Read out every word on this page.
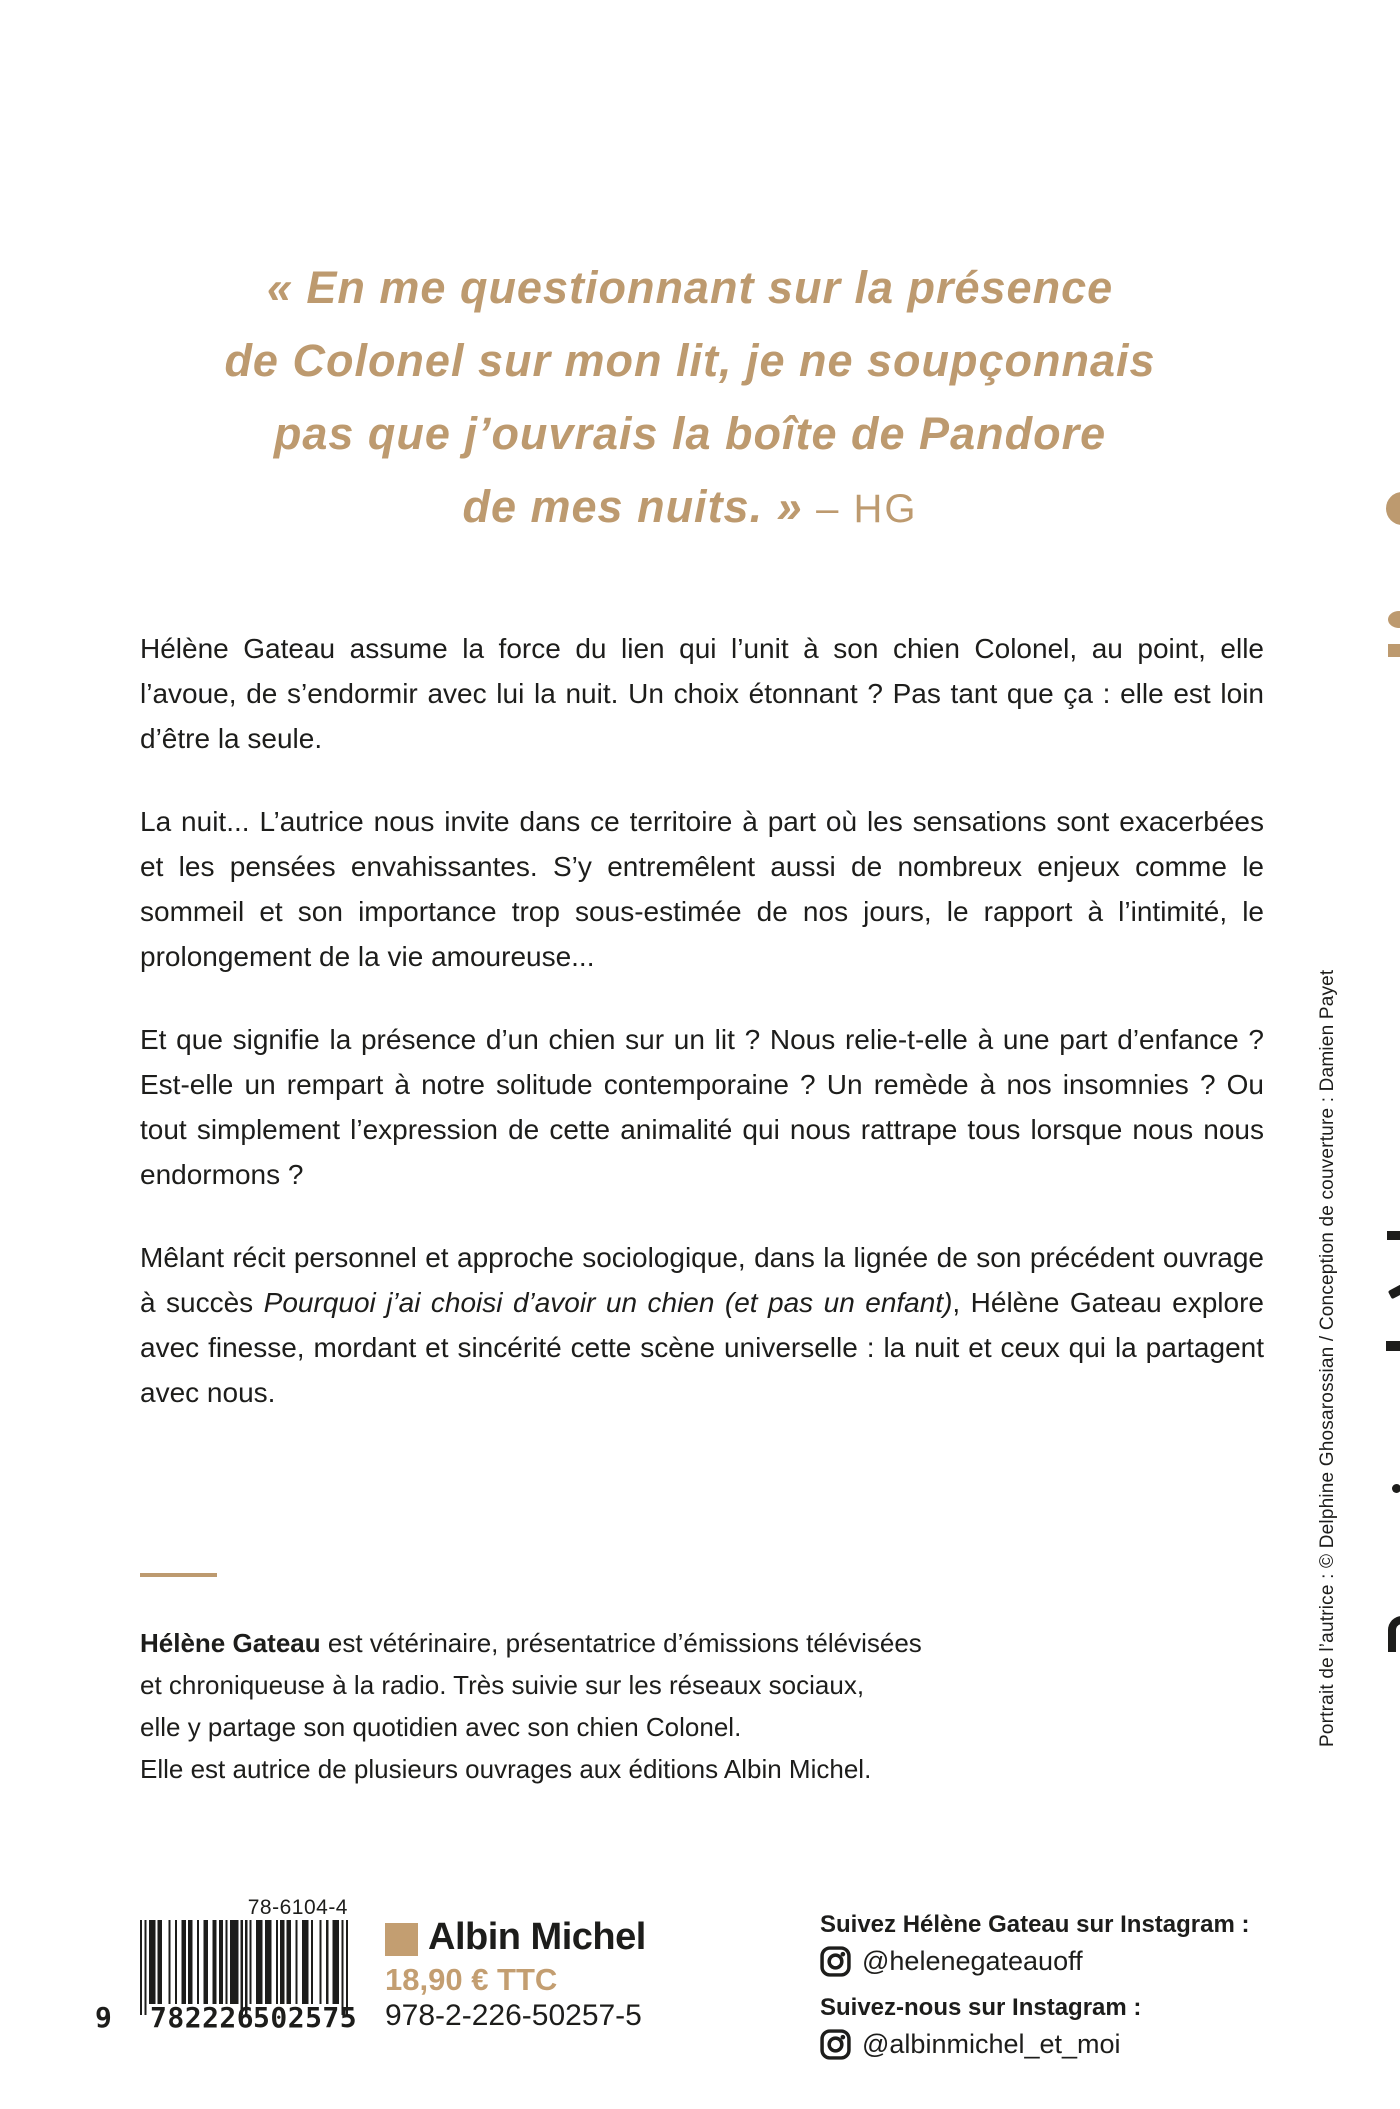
« En me questionnant sur la présence
de Colonel sur mon lit, je ne soupçonnais
pas que j’ouvrais la boîte de Pandore
de mes nuits. » – HG

Hélène Gateau assume la force du lien qui l’unit à son chien Colonel, au point, elle l’avoue, de s’endormir avec lui la nuit. Un choix étonnant ? Pas tant que ça : elle est loin d’être la seule.

La nuit... L’autrice nous invite dans ce territoire à part où les sensations sont exacerbées et les pensées envahissantes. S’y entremêlent aussi de nombreux enjeux comme le sommeil et son importance trop sous-estimée de nos jours, le rapport à l’intimité, le prolongement de la vie amoureuse...

Et que signifie la présence d’un chien sur un lit ? Nous relie-t-elle à une part d’enfance ? Est-elle un rempart à notre solitude contemporaine ? Un remède à nos insomnies ? Ou tout simplement l’expression de cette animalité qui nous rattrape tous lorsque nous nous endormons ?

Mêlant récit personnel et approche sociologique, dans la lignée de son précédent ouvrage à succès Pourquoi j’ai choisi d’avoir un chien (et pas un enfant), Hélène Gateau explore avec finesse, mordant et sincérité cette scène universelle : la nuit et ceux qui la partagent avec nous.

Hélène Gateau est vétérinaire, présentatrice d’émissions télévisées
et chroniqueuse à la radio. Très suivie sur les réseaux sociaux,
elle y partage son quotidien avec son chien Colonel.
Elle est autrice de plusieurs ouvrages aux éditions Albin Michel.
78-6104-4
9 782226
502575
Albin Michel
18,90 € TTC
978-2-226-50257-5
Suivez Hélène Gateau sur Instagram :
@helenegateauoff
Suivez-nous sur Instagram :
@albinmichel_et_moi
Portrait de l’autrice : © Delphine Ghosarossian / Conception de couverture : Damien Payet
